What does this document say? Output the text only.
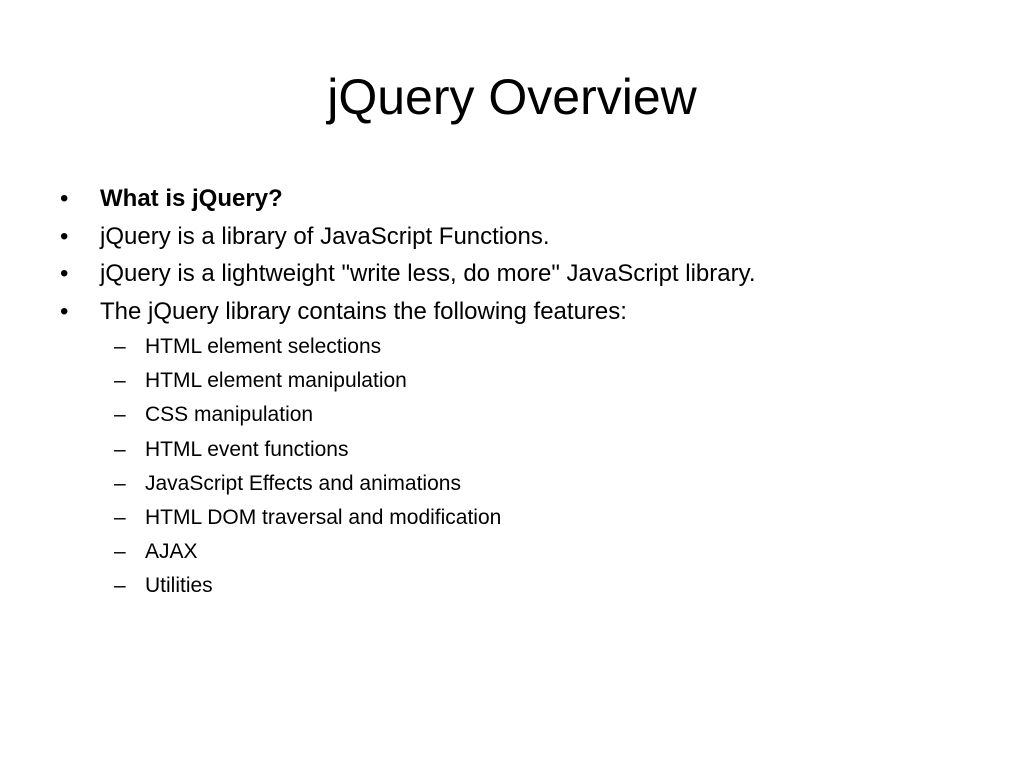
jQuery Overview
•	What is jQuery?
•	jQuery is a library of JavaScript Functions.
•	jQuery is a lightweight "write less, do more" JavaScript library.
•	The jQuery library contains the following features:
– HTML element selections
– HTML element manipulation
– CSS manipulation
– HTML event functions
– JavaScript Effects and animations
– HTML DOM traversal and modification
– AJAX
– Utilities
